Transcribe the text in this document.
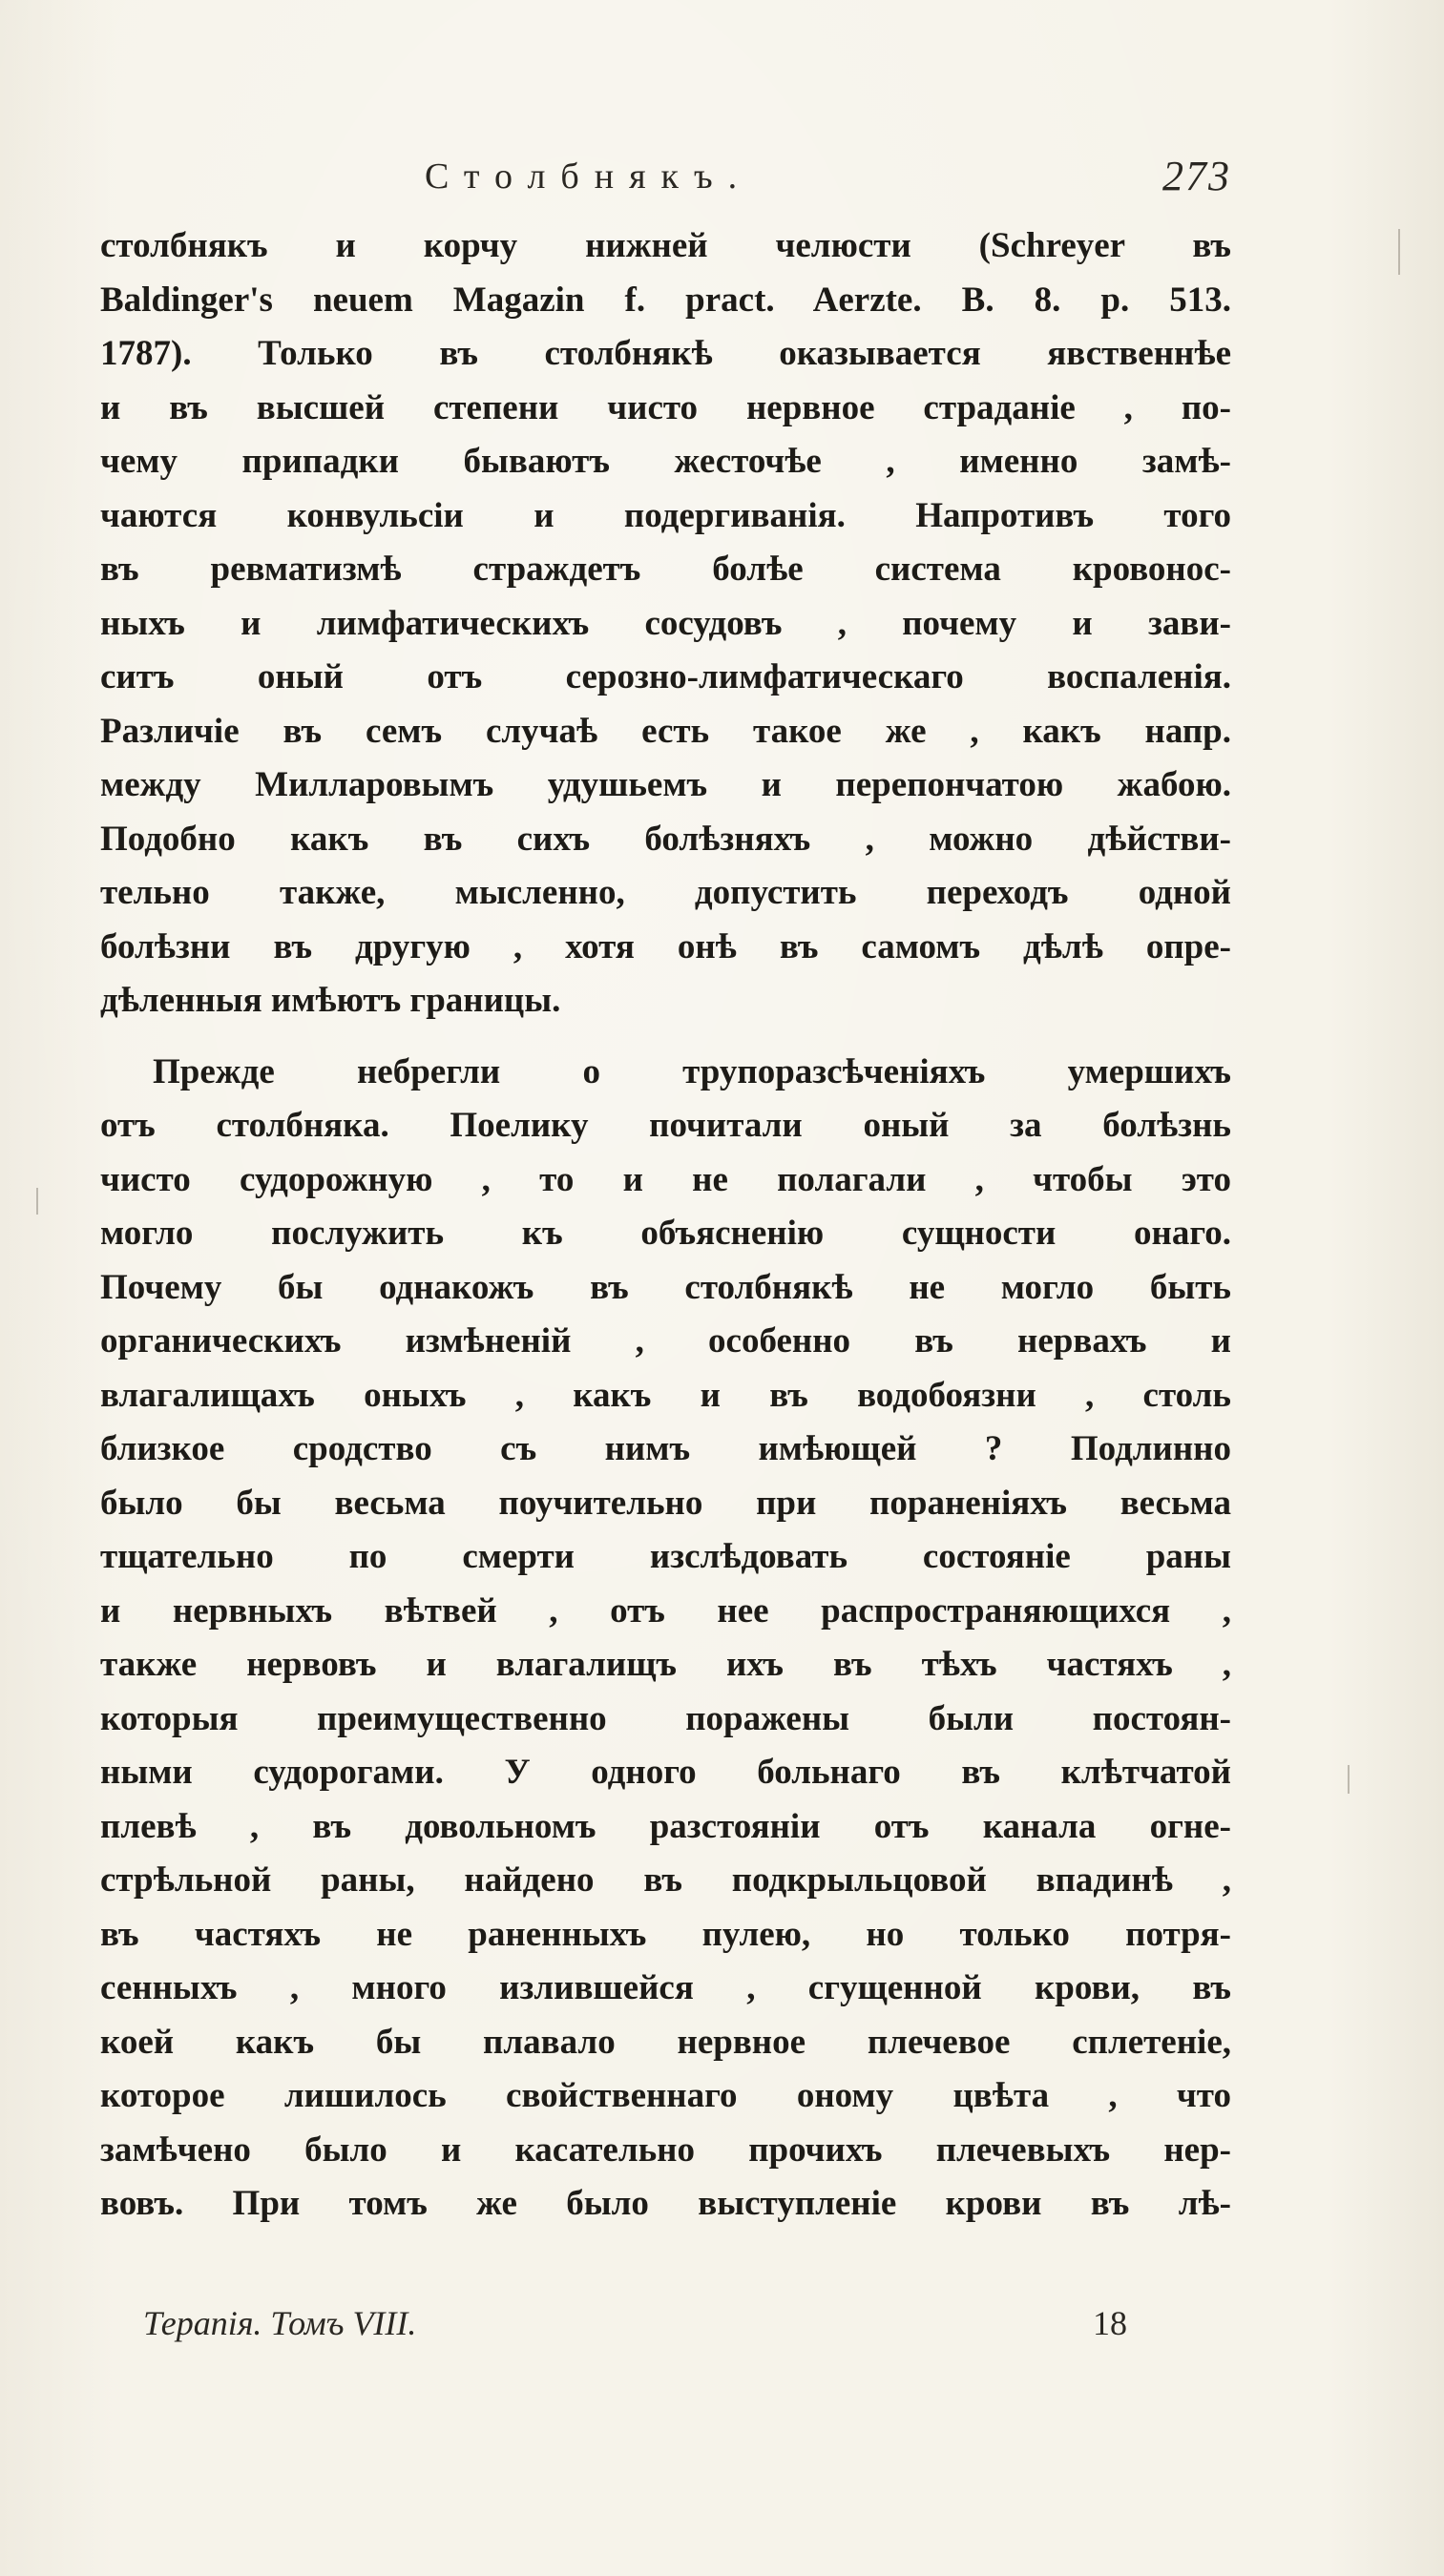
Столбнякъ.	273
столбнякъ и корчу нижней челюсти (Schreyer въ
Baldinger's neuem Magazin f. pract. Aerzte. B. 8. p. 513.
1787). Только въ столбнякѣ оказывается явственнѣе
и въ высшей степени чисто нервное страданіе , по-
чему припадки бываютъ жесточѣе , именно замѣ-
чаются конвульсіи и подергиванія. Напротивъ того
въ ревматизмѣ страждетъ болѣе система кровонос-
ныхъ и лимфатическихъ сосудовъ , почему и зави-
ситъ оный отъ серозно-лимфатическаго воспаленія.
Различіе въ семъ случаѣ есть такое же , какъ напр.
между Милларовымъ удушьемъ и перепончатою жабою.
Подобно какъ въ сихъ болѣзняхъ , можно дѣйстви-
тельно также, мысленно, допустить переходъ одной
болѣзни въ другую , хотя онѣ въ самомъ дѣлѣ опре-
дѣленныя имѣютъ границы.
Прежде небрегли о трупоразсѣченіяхъ умершихъ
отъ столбняка. Поелику почитали оный за болѣзнь
чисто судорожную , то и не полагали , чтобы это
могло послужить къ объясненію сущности онаго.
Почему бы однакожъ въ столбнякѣ не могло быть
органическихъ измѣненій , особенно въ нервахъ и
влагалищахъ оныхъ , какъ и въ водобоязни , столь
близкое сродство съ нимъ имѣющей ? Подлинно
было бы весьма поучительно при пораненіяхъ весьма
тщательно по смерти изслѣдовать состояніе раны
и нервныхъ вѣтвей , отъ нее распространяющихся ,
также нервовъ и влагалищъ ихъ въ тѣхъ частяхъ ,
которыя преимущественно поражены были постоян-
ными судорогами. У одного больнаго въ клѣтчатой
плевѣ , въ довольномъ разстояніи отъ канала огне-
стрѣльной раны, найдено въ подкрыльцовой впадинѣ ,
въ частяхъ не раненныхъ пулею, но только потря-
сенныхъ , много излившейся , сгущенной крови, въ
коей какъ бы плавало нервное плечевое сплетеніе,
которое лишилось свойственнаго оному цвѣта , что
замѣчено было и касательно прочихъ плечевыхъ нер-
вовъ. При томъ же было выступленіе крови въ лѣ-
Терапія. Томъ VIII.	18
